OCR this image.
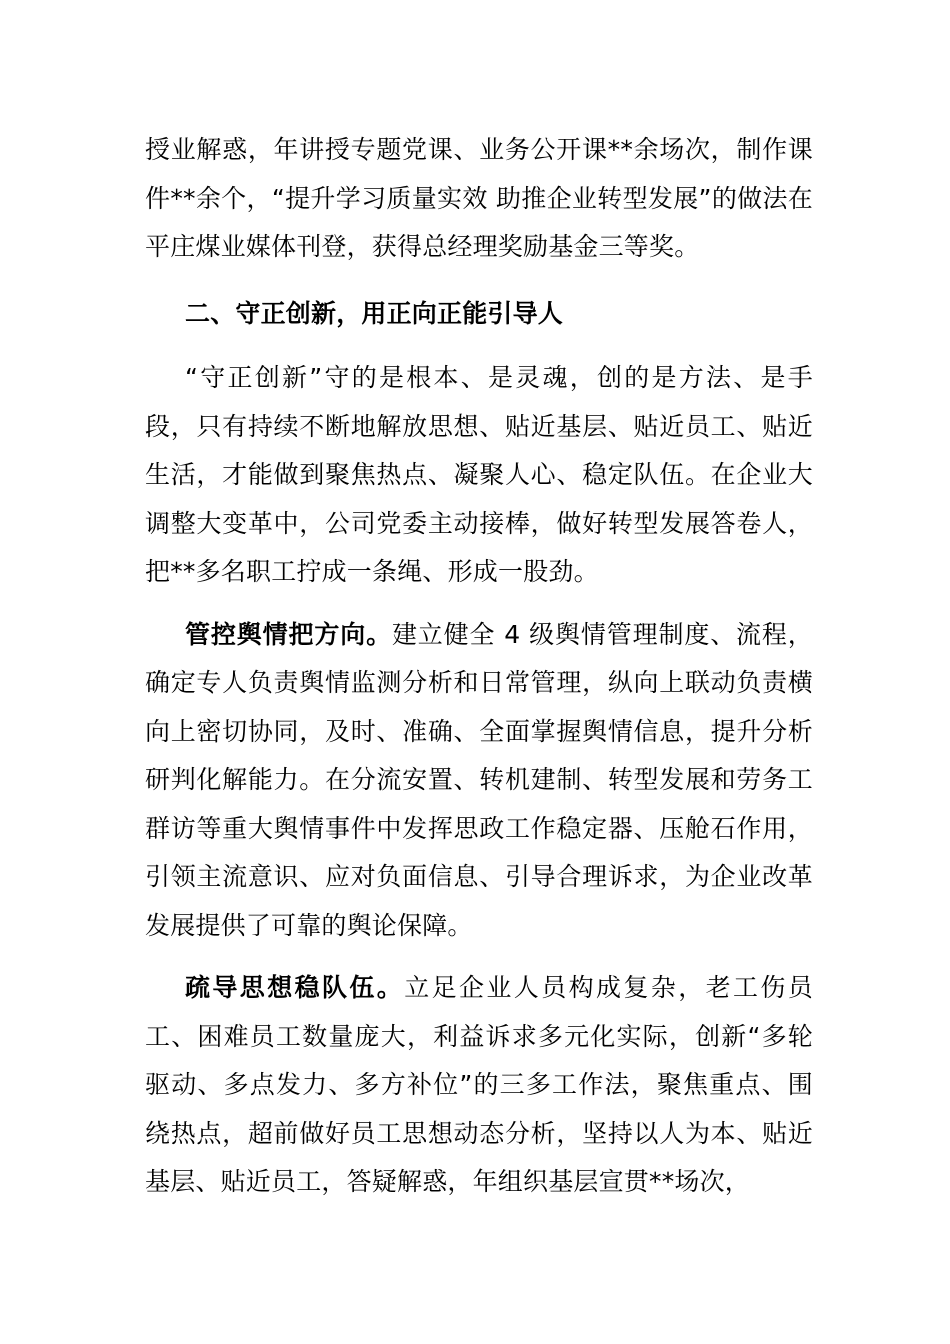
授业解惑，年讲授专题党课、业务公开课**余场次，制作课件**余个，“提升学习质量实效 助推企业转型发展”的做法在平庄煤业媒体刊登，获得总经理奖励基金三等奖。

二、守正创新，用正向正能引导人

“守正创新”守的是根本、是灵魂，创的是方法、是手段，只有持续不断地解放思想、贴近基层、贴近员工、贴近生活，才能做到聚焦热点、凝聚人心、稳定队伍。在企业大调整大变革中，公司党委主动接棒，做好转型发展答卷人，把**多名职工拧成一条绳、形成一股劲。

管控舆情把方向。建立健全 4 级舆情管理制度、流程，确定专人负责舆情监测分析和日常管理，纵向上联动负责横向上密切协同，及时、准确、全面掌握舆情信息，提升分析研判化解能力。在分流安置、转机建制、转型发展和劳务工群访等重大舆情事件中发挥思政工作稳定器、压舱石作用，引领主流意识、应对负面信息、引导合理诉求，为企业改革发展提供了可靠的舆论保障。

疏导思想稳队伍。立足企业人员构成复杂，老工伤员工、困难员工数量庞大，利益诉求多元化实际，创新“多轮驱动、多点发力、多方补位”的三多工作法，聚焦重点、围绕热点，超前做好员工思想动态分析，坚持以人为本、贴近基层、贴近员工，答疑解惑，年组织基层宣贯**场次，
